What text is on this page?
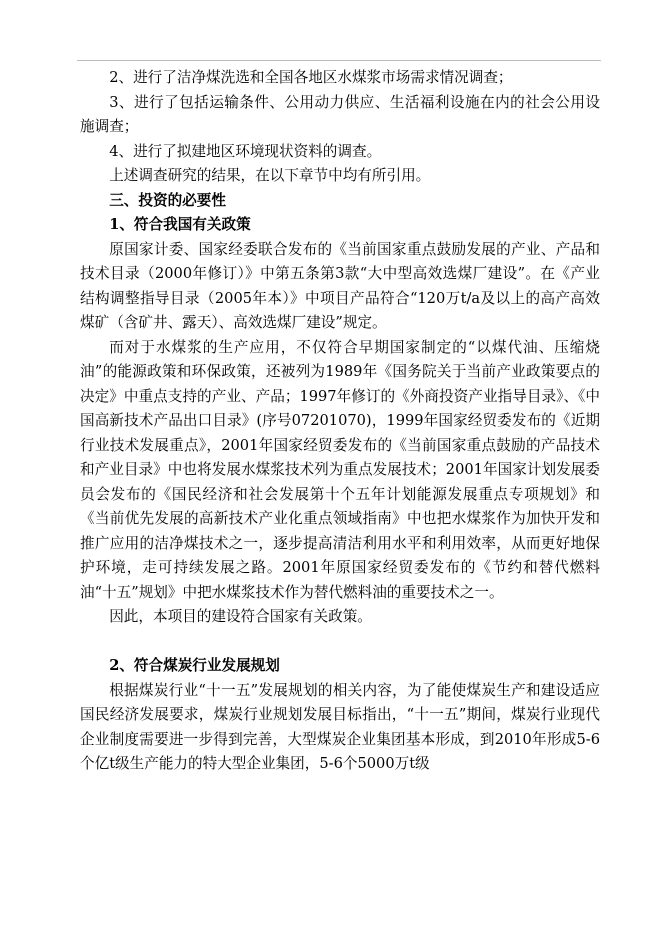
2、进行了洁净煤洗选和全国各地区水煤浆市场需求情况调查；

3、进行了包括运输条件、公用动力供应、生活福利设施在内的社会公用设施调查；

4、进行了拟建地区环境现状资料的调查。

上述调查研究的结果，在以下章节中均有所引用。

三、投资的必要性

1、符合我国有关政策

原国家计委、国家经委联合发布的《当前国家重点鼓励发展的产业、产品和技术目录（2000年修订）》中第五条第3款“大中型高效选煤厂建设”。在《产业结构调整指导目录（2005年本）》中项目产品符合“120万t/a及以上的高产高效煤矿（含矿井、露天）、高效选煤厂建设”规定。

而对于水煤浆的生产应用，不仅符合早期国家制定的“以煤代油、压缩烧油”的能源政策和环保政策，还被列为1989年《国务院关于当前产业政策要点的决定》中重点支持的产业、产品；1997年修订的《外商投资产业指导目录》、《中国高新技术产品出口目录》(序号07201070)，1999年国家经贸委发布的《近期行业技术发展重点》，2001年国家经贸委发布的《当前国家重点鼓励的产品技术和产业目录》中也将发展水煤浆技术列为重点发展技术；2001年国家计划发展委员会发布的《国民经济和社会发展第十个五年计划能源发展重点专项规划》和《当前优先发展的高新技术产业化重点领域指南》中也把水煤浆作为加快开发和推广应用的洁净煤技术之一，逐步提高清洁利用水平和利用效率，从而更好地保护环境，走可持续发展之路。2001年原国家经贸委发布的《节约和替代燃料油“十五”规划》中把水煤浆技术作为替代燃料油的重要技术之一。

因此，本项目的建设符合国家有关政策。

2、符合煤炭行业发展规划

根据煤炭行业“十一五”发展规划的相关内容，为了能使煤炭生产和建设适应国民经济发展要求，煤炭行业规划发展目标指出，“十一五”期间，煤炭行业现代企业制度需要进一步得到完善，大型煤炭企业集团基本形成，到2010年形成5-6个亿t级生产能力的特大型企业集团，5-6个5000万t级
